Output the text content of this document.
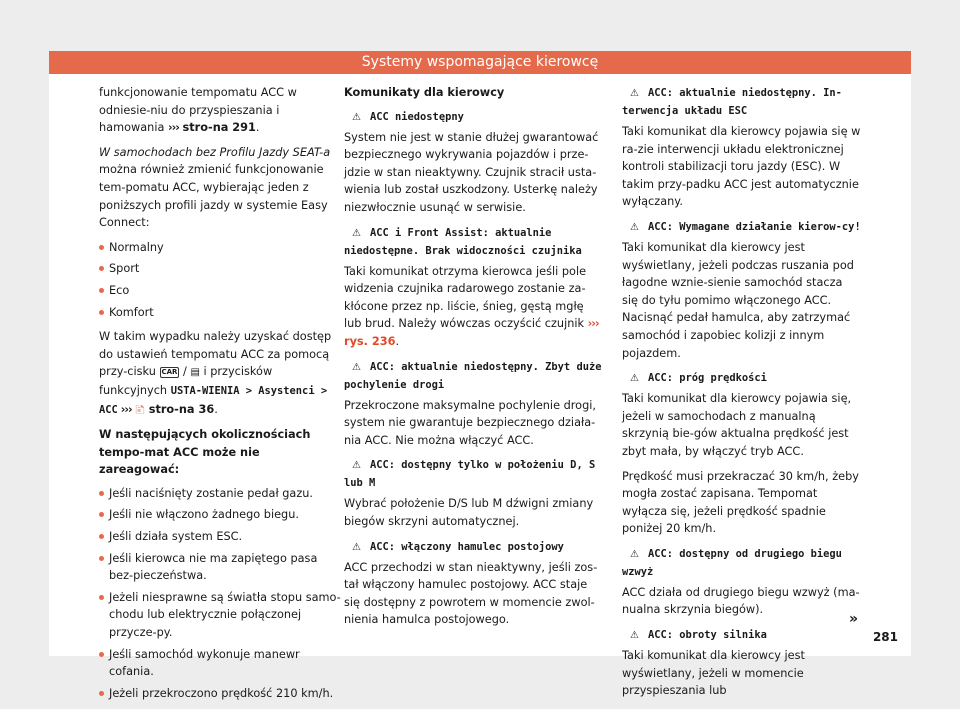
Systemy wspomagające kierowcę

funkcjonowanie tempomatu ACC w odniesie-niu do przyspieszania i hamowania ››› stro-na 291.

W samochodach bez Profilu Jazdy SEAT-a można również zmienić funkcjonowanie tem-pomatu ACC, wybierając jeden z poniższych profili jazdy w systemie Easy Connect:

Normalny
Sport
Eco
Komfort

W takim wypadku należy uzyskać dostęp do ustawień tempomatu ACC za pomocą przy-cisku CAR / ▤ i przycisków funkcyjnych USTA-WIENIA > Asystenci > ACC ››› 🗈 stro-na 36.

W następujących okolicznościach tempo-mat ACC może nie zareagować:
Jeśli naciśnięty zostanie pedał gazu.
Jeśli nie włączono żadnego biegu.
Jeśli działa system ESC.
Jeśli kierowca nie ma zapiętego pasa bez-pieczeństwa.
Jeżeli niesprawne są światła stopu samo-chodu lub elektrycznie połączonej przycze-py.
Jeśli samochód wykonuje manewr cofania.
Jeżeli przekroczono prędkość 210 km/h.
Komunikaty dla kierowcy
⚠ ACC niedostępny

System nie jest w stanie dłużej gwarantować bezpiecznego wykrywania pojazdów i prze-jdzie w stan nieaktywny. Czujnik stracił usta-wienia lub został uszkodzony. Usterkę należy niezwłocznie usunąć w serwisie.

⚠ ACC i Front Assist: aktualnie niedostępne. Brak widoczności czujnika

Taki komunikat otrzyma kierowca jeśli pole widzenia czujnika radarowego zostanie za-kłócone przez np. liście, śnieg, gęstą mgłę lub brud. Należy wówczas oczyścić czujnik ››› rys. 236.

⚠ ACC: aktualnie niedostępny. Zbyt duże pochylenie drogi

Przekroczone maksymalne pochylenie drogi, system nie gwarantuje bezpiecznego działa-nia ACC. Nie można włączyć ACC.

⚠ ACC: dostępny tylko w położeniu D, S lub M

Wybrać położenie D/S lub M dźwigni zmiany biegów skrzyni automatycznej.

⚠ ACC: włączony hamulec postojowy

ACC przechodzi w stan nieaktywny, jeśli zos-tał włączony hamulec postojowy. ACC staje się dostępny z powrotem w momencie zwol-nienia hamulca postojowego.

⚠ ACC: aktualnie niedostępny. In-terwencja układu ESC

Taki komunikat dla kierowcy pojawia się w ra-zie interwencji układu elektronicznej kontroli stabilizacji toru jazdy (ESC). W takim przy-padku ACC jest automatycznie wyłączany.

⚠ ACC: Wymagane działanie kierow-cy!

Taki komunikat dla kierowcy jest wyświetlany, jeżeli podczas ruszania pod łagodne wznie-sienie samochód stacza się do tyłu pomimo włączonego ACC. Nacisnąć pedał hamulca, aby zatrzymać samochód i zapobiec kolizji z innym pojazdem.

⚠ ACC: próg prędkości

Taki komunikat dla kierowcy pojawia się, jeżeli w samochodach z manualną skrzynią bie-gów aktualna prędkość jest zbyt mała, by włączyć tryb ACC.

Prędkość musi przekraczać 30 km/h, żeby mogła zostać zapisana. Tempomat wyłącza się, jeżeli prędkość spadnie poniżej 20 km/h.

⚠ ACC: dostępny od drugiego biegu wzwyż

ACC działa od drugiego biegu wzwyż (ma-nualna skrzynia biegów).

⚠ ACC: obroty silnika

Taki komunikat dla kierowcy jest wyświetlany, jeżeli w momencie przyspieszania lub

»
281
